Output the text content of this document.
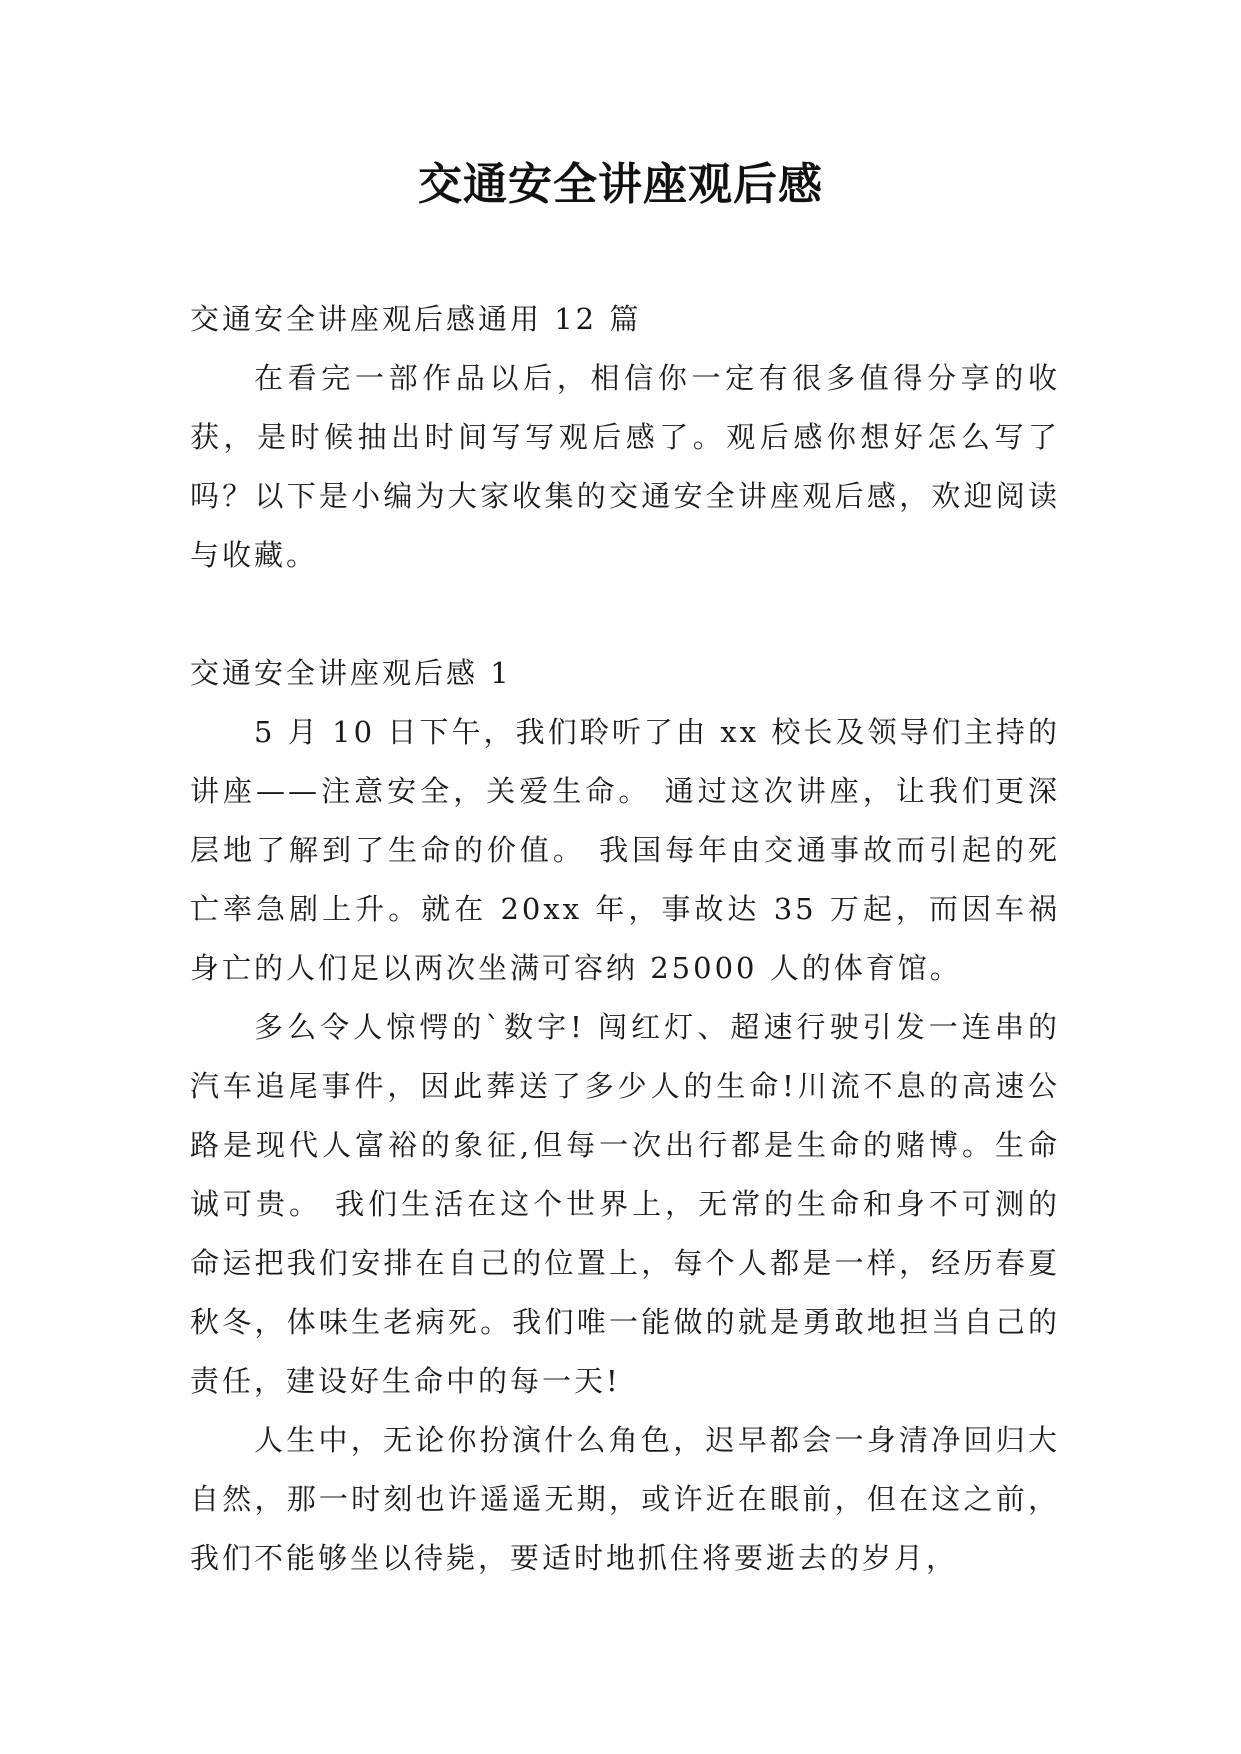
交通安全讲座观后感

交通安全讲座观后感通用 12 篇

在看完一部作品以后，相信你一定有很多值得分享的收获，是时候抽出时间写写观后感了。观后感你想好怎么写了吗？以下是小编为大家收集的交通安全讲座观后感，欢迎阅读与收藏。

交通安全讲座观后感 1

5 月 10 日下午，我们聆听了由 xx 校长及领导们主持的讲座——注意安全，关爱生命。 通过这次讲座，让我们更深层地了解到了生命的价值。 我国每年由交通事故而引起的死亡率急剧上升。就在 20xx 年，事故达 35 万起，而因车祸身亡的人们足以两次坐满可容纳 25000 人的体育馆。

多么令人惊愕的`数字! 闯红灯、超速行驶引发一连串的汽车追尾事件，因此葬送了多少人的生命!川流不息的高速公路是现代人富裕的象征,但每一次出行都是生命的赌博。生命诚可贵。 我们生活在这个世界上，无常的生命和身不可测的命运把我们安排在自己的位置上，每个人都是一样，经历春夏秋冬，体味生老病死。我们唯一能做的就是勇敢地担当自己的责任，建设好生命中的每一天!

人生中，无论你扮演什么角色，迟早都会一身清净回归大自然，那一时刻也许遥遥无期，或许近在眼前，但在这之前，我们不能够坐以待毙，要适时地抓住将要逝去的岁月，
